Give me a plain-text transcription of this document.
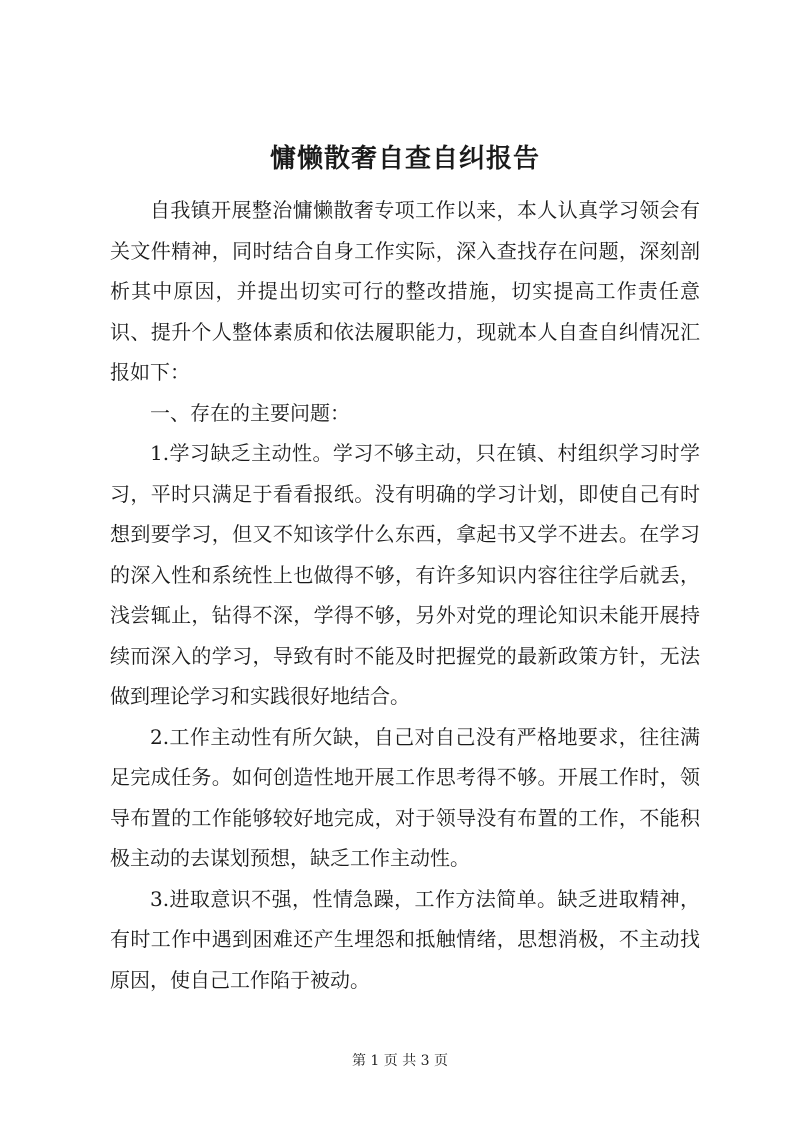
慵懒散奢自查自纠报告

自我镇开展整治慵懒散奢专项工作以来，本人认真学习领会有关文件精神，同时结合自身工作实际，深入查找存在问题，深刻剖析其中原因，并提出切实可行的整改措施，切实提高工作责任意识、提升个人整体素质和依法履职能力，现就本人自查自纠情况汇报如下：

一、存在的主要问题：

1.学习缺乏主动性。学习不够主动，只在镇、村组织学习时学习，平时只满足于看看报纸。没有明确的学习计划，即使自己有时想到要学习，但又不知该学什么东西，拿起书又学不进去。在学习的深入性和系统性上也做得不够，有许多知识内容往往学后就丢，浅尝辄止，钻得不深，学得不够，另外对党的理论知识未能开展持续而深入的学习，导致有时不能及时把握党的最新政策方针，无法做到理论学习和实践很好地结合。

2.工作主动性有所欠缺，自己对自己没有严格地要求，往往满足完成任务。如何创造性地开展工作思考得不够。开展工作时，领导布置的工作能够较好地完成，对于领导没有布置的工作，不能积极主动的去谋划预想，缺乏工作主动性。

3.进取意识不强，性情急躁，工作方法简单。缺乏进取精神，有时工作中遇到困难还产生埋怨和抵触情绪，思想消极，不主动找原因，使自己工作陷于被动。

第 1 页 共 3 页
